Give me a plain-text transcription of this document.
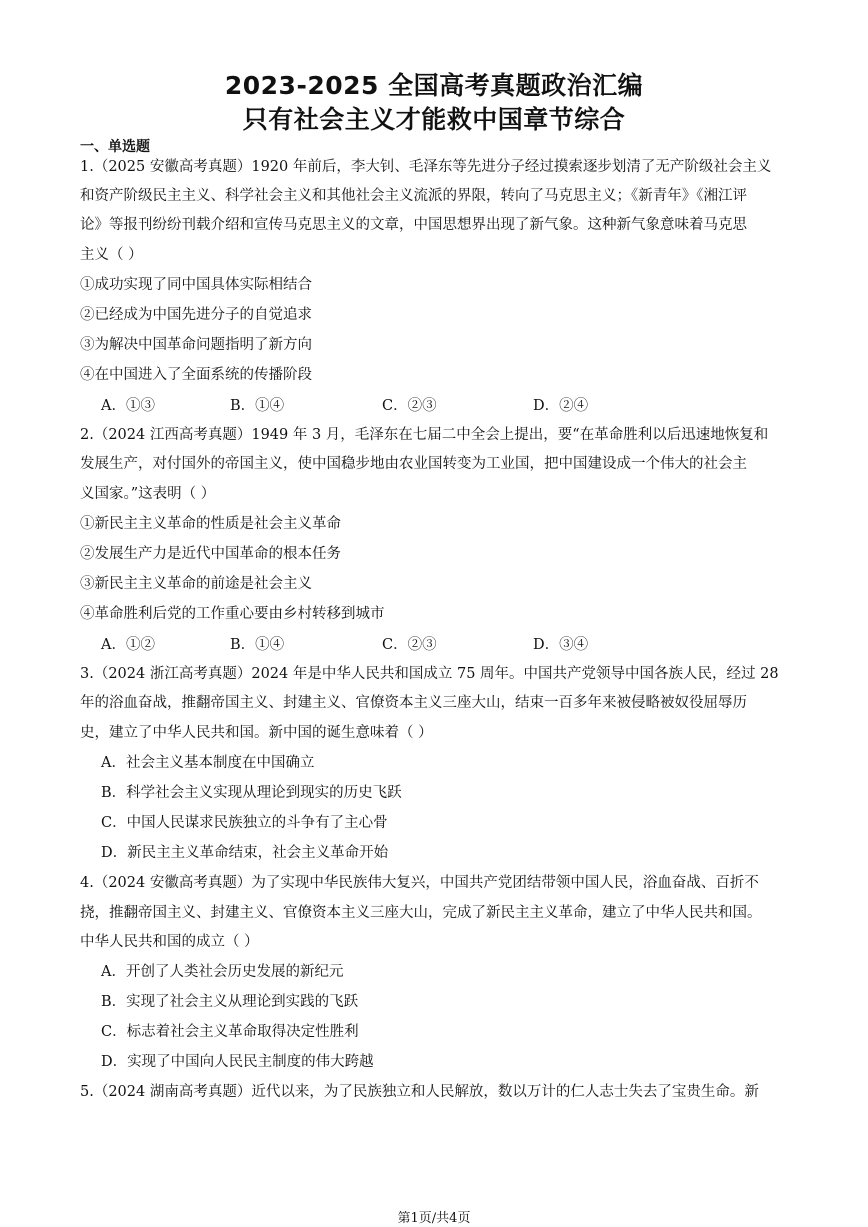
2023-2025 全国高考真题政治汇编
只有社会主义才能救中国章节综合
一、单选题
1.（2025 安徽高考真题）1920 年前后，李大钊、毛泽东等先进分子经过摸索逐步划清了无产阶级社会主义
和资产阶级民主主义、科学社会主义和其他社会主义流派的界限，转向了马克思主义；《新青年》《湘江评
论》等报刊纷纷刊载介绍和宣传马克思主义的文章，中国思想界出现了新气象。这种新气象意味着马克思
主义（ ）
①成功实现了同中国具体实际相结合
②已经成为中国先进分子的自觉追求
③为解决中国革命问题指明了新方向
④在中国进入了全面系统的传播阶段
A．①③	B．①④	C．②③	D．②④
2.（2024 江西高考真题）1949 年 3 月，毛泽东在七届二中全会上提出，要“在革命胜利以后迅速地恢复和
发展生产，对付国外的帝国主义，使中国稳步地由农业国转变为工业国，把中国建设成一个伟大的社会主
义国家。”这表明（ ）
①新民主主义革命的性质是社会主义革命
②发展生产力是近代中国革命的根本任务
③新民主主义革命的前途是社会主义
④革命胜利后党的工作重心要由乡村转移到城市
A．①②	B．①④	C．②③	D．③④
3.（2024 浙江高考真题）2024 年是中华人民共和国成立 75 周年。中国共产党领导中国各族人民，经过 28
年的浴血奋战，推翻帝国主义、封建主义、官僚资本主义三座大山，结束一百多年来被侵略被奴役屈辱历
史，建立了中华人民共和国。新中国的诞生意味着（ ）
A．社会主义基本制度在中国确立
B．科学社会主义实现从理论到现实的历史飞跃
C．中国人民谋求民族独立的斗争有了主心骨
D．新民主主义革命结束，社会主义革命开始
4.（2024 安徽高考真题）为了实现中华民族伟大复兴，中国共产党团结带领中国人民，浴血奋战、百折不
挠，推翻帝国主义、封建主义、官僚资本主义三座大山，完成了新民主主义革命，建立了中华人民共和国。
中华人民共和国的成立（ ）
A．开创了人类社会历史发展的新纪元
B．实现了社会主义从理论到实践的飞跃
C．标志着社会主义革命取得决定性胜利
D．实现了中国向人民民主制度的伟大跨越
5.（2024 湖南高考真题）近代以来，为了民族独立和人民解放，数以万计的仁人志士失去了宝贵生命。新
第1页/共4页
